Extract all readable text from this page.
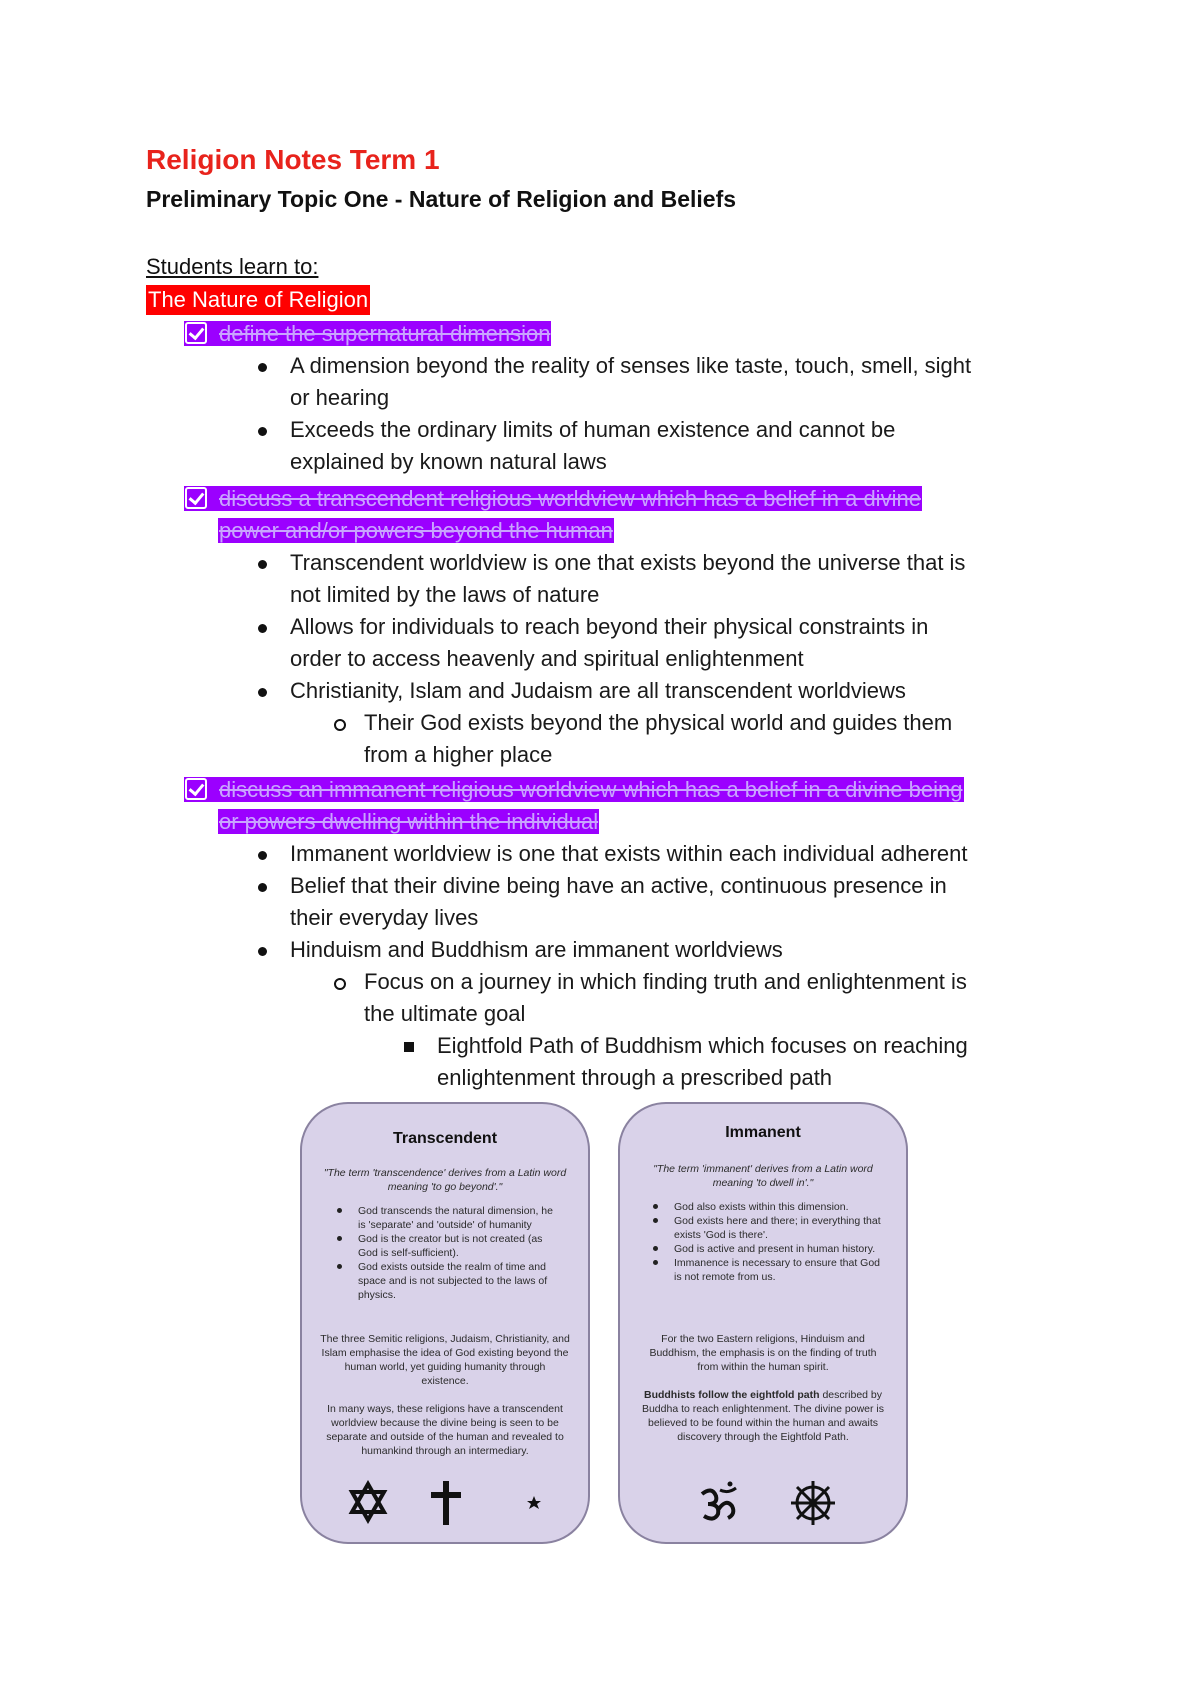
Religion Notes Term 1
Preliminary Topic One - Nature of Religion and Beliefs
Students learn to:
The Nature of Religion
define the supernatural dimension
A dimension beyond the reality of senses like taste, touch, smell, sight
or hearing
Exceeds the ordinary limits of human existence and cannot be
explained by known natural laws
discuss a transcendent religious worldview which has a belief in a divine
power and/or powers beyond the human
Transcendent worldview is one that exists beyond the universe that is
not limited by the laws of nature
Allows for individuals to reach beyond their physical constraints in
order to access heavenly and spiritual enlightenment
Christianity, Islam and Judaism are all transcendent worldviews
Their God exists beyond the physical world and guides them
from a higher place
discuss an immanent religious worldview which has a belief in a divine being
or powers dwelling within the individual
Immanent worldview is one that exists within each individual adherent
Belief that their divine being have an active, continuous presence in
their everyday lives
Hinduism and Buddhism are immanent worldviews
Focus on a journey in which finding truth and enlightenment is
the ultimate goal
Eightfold Path of Buddhism which focuses on reaching
enlightenment through a prescribed path
Transcendent
"The term 'transcendence' derives from a Latin word meaning 'to go beyond'."
God transcends the natural dimension, he is 'separate' and 'outside' of humanity
God is the creator but is not created (as God is self-sufficient).
God exists outside the realm of time and space and is not subjected to the laws of physics.
The three Semitic religions, Judaism, Christianity, and Islam emphasise the idea of God existing beyond the human world, yet guiding humanity through existence.
In many ways, these religions have a transcendent worldview because the divine being is seen to be separate and outside of the human and revealed to humankind through an intermediary.
Immanent
"The term 'immanent' derives from a Latin word meaning 'to dwell in'."
God also exists within this dimension.
God exists here and there; in everything that exists 'God is there'.
God is active and present in human history.
Immanence is necessary to ensure that God is not remote from us.
For the two Eastern religions, Hinduism and Buddhism, the emphasis is on the finding of truth from within the human spirit.
Buddhists follow the eightfold path described by Buddha to reach enlightenment. The divine power is believed to be found within the human and awaits discovery through the Eightfold Path.
